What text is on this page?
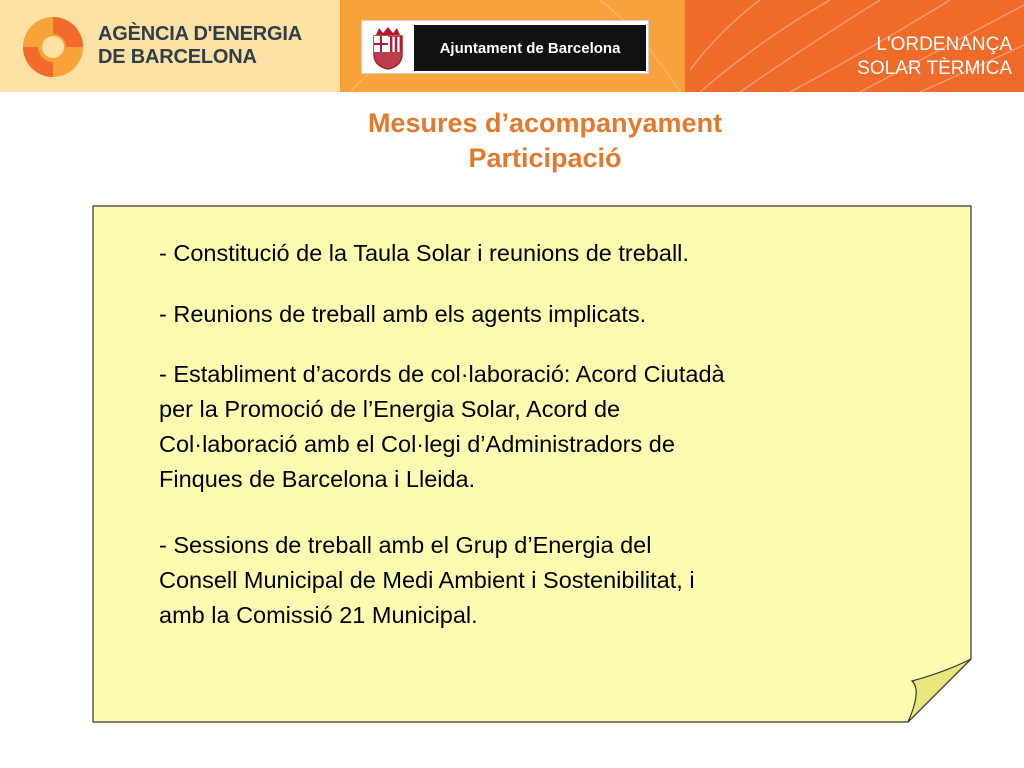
AGÈNCIA D'ENERGIA
DE BARCELONA	Ajuntament de Barcelona	L'ORDENANÇA
SOLAR TÈRMICA
Mesures d’acompanyament
Participació

- Constitució de la Taula Solar i reunions de treball.

- Reunions de treball amb els agents implicats.

- Establiment d’acords de col·laboració: Acord Ciutadà
per la Promoció de l’Energia Solar, Acord de
Col·laboració amb el Col·legi d’Administradors de
Finques de Barcelona i Lleida.

- Sessions de treball amb el Grup d’Energia del
Consell Municipal de Medi Ambient i Sostenibilitat, i
amb la Comissió 21 Municipal.
